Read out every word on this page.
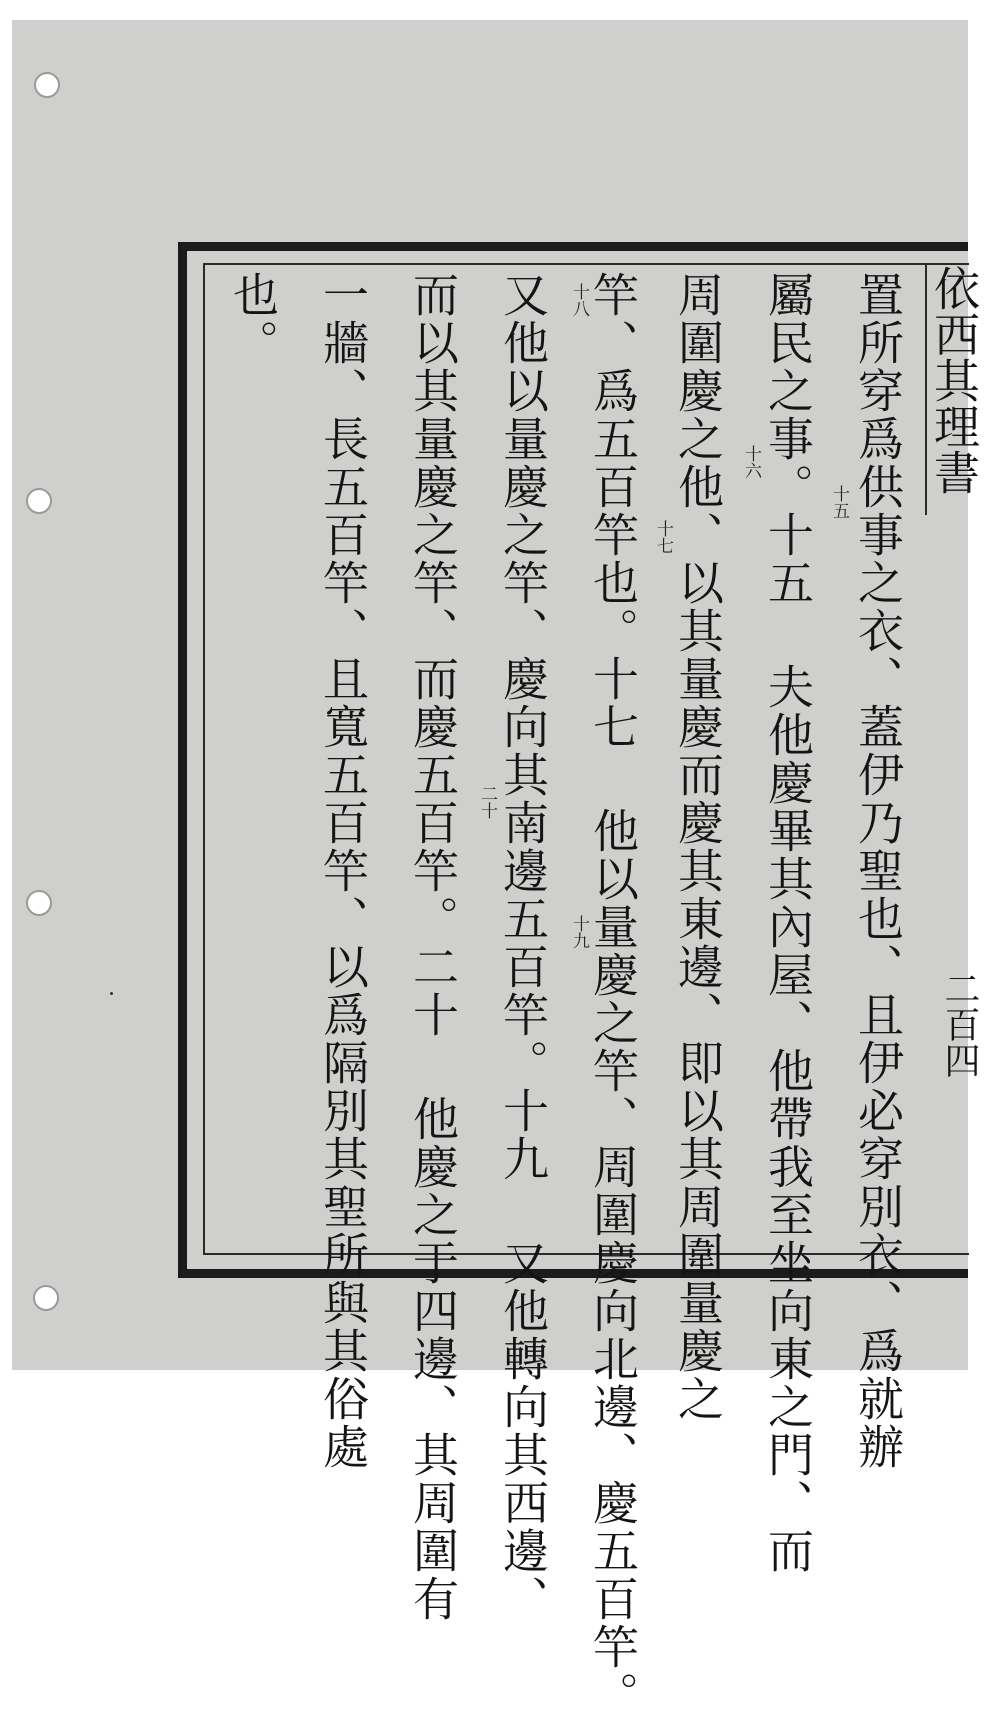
依西其理書
置所穿爲供事之衣、蓋伊乃聖也、且伊必穿別衣、爲就辦
屬民之事。十五 夫他慶畢其內屋、他帶我至坐向東之門、而
周圍慶之他、以其量慶而慶其東邊、即以其周圍量慶之
竿、爲五百竿也。十七 他以量慶之竿、周圍慶向北邊、慶五百竿。
又他以量慶之竿、慶向其南邊五百竿。十九 又他轉向其西邊、
而以其量慶之竿、而慶五百竿。二十 他慶之于四邊、其周圍有
一牆、長五百竿、且寬五百竿、以爲隔別其聖所與其俗處
也。
十五
十六
十七
十八
十九
二十
二百四
